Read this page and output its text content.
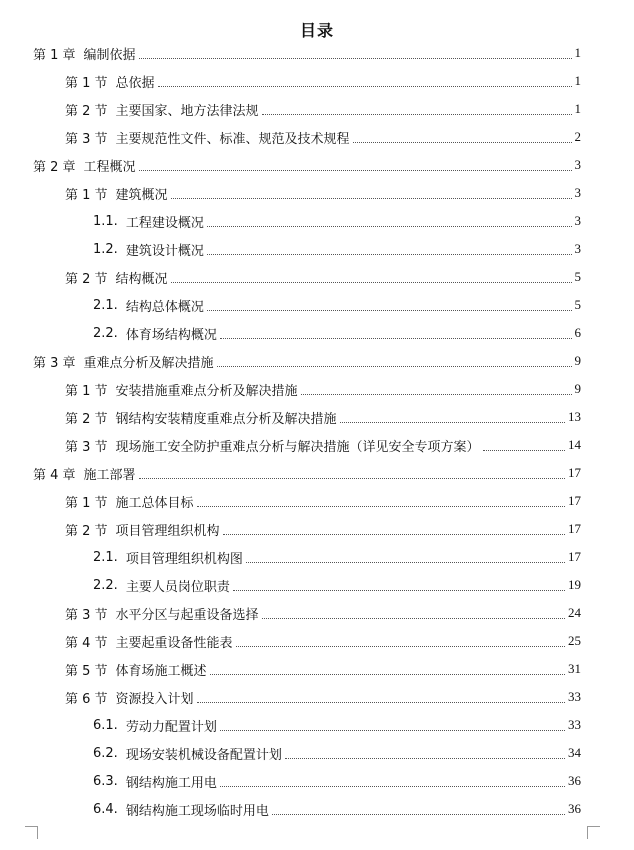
目录
第 1 章 编制依据	1
第 1 节 总依据	1
第 2 节 主要国家、地方法律法规	1
第 3 节 主要规范性文件、标准、规范及技术规程	2
第 2 章 工程概况	3
第 1 节 建筑概况	3
1.1. 工程建设概况	3
1.2. 建筑设计概况	3
第 2 节 结构概况	5
2.1. 结构总体概况	5
2.2. 体育场结构概况	6
第 3 章 重难点分析及解决措施	9
第 1 节 安装措施重难点分析及解决措施	9
第 2 节 钢结构安装精度重难点分析及解决措施	13
第 3 节 现场施工安全防护重难点分析与解决措施（详见安全专项方案）	14
第 4 章 施工部署	17
第 1 节 施工总体目标	17
第 2 节 项目管理组织机构	17
2.1. 项目管理组织机构图	17
2.2. 主要人员岗位职责	19
第 3 节 水平分区与起重设备选择	24
第 4 节 主要起重设备性能表	25
第 5 节 体育场施工概述	31
第 6 节 资源投入计划	33
6.1. 劳动力配置计划	33
6.2. 现场安装机械设备配置计划	34
6.3. 钢结构施工用电	36
6.4. 钢结构施工现场临时用电	36
